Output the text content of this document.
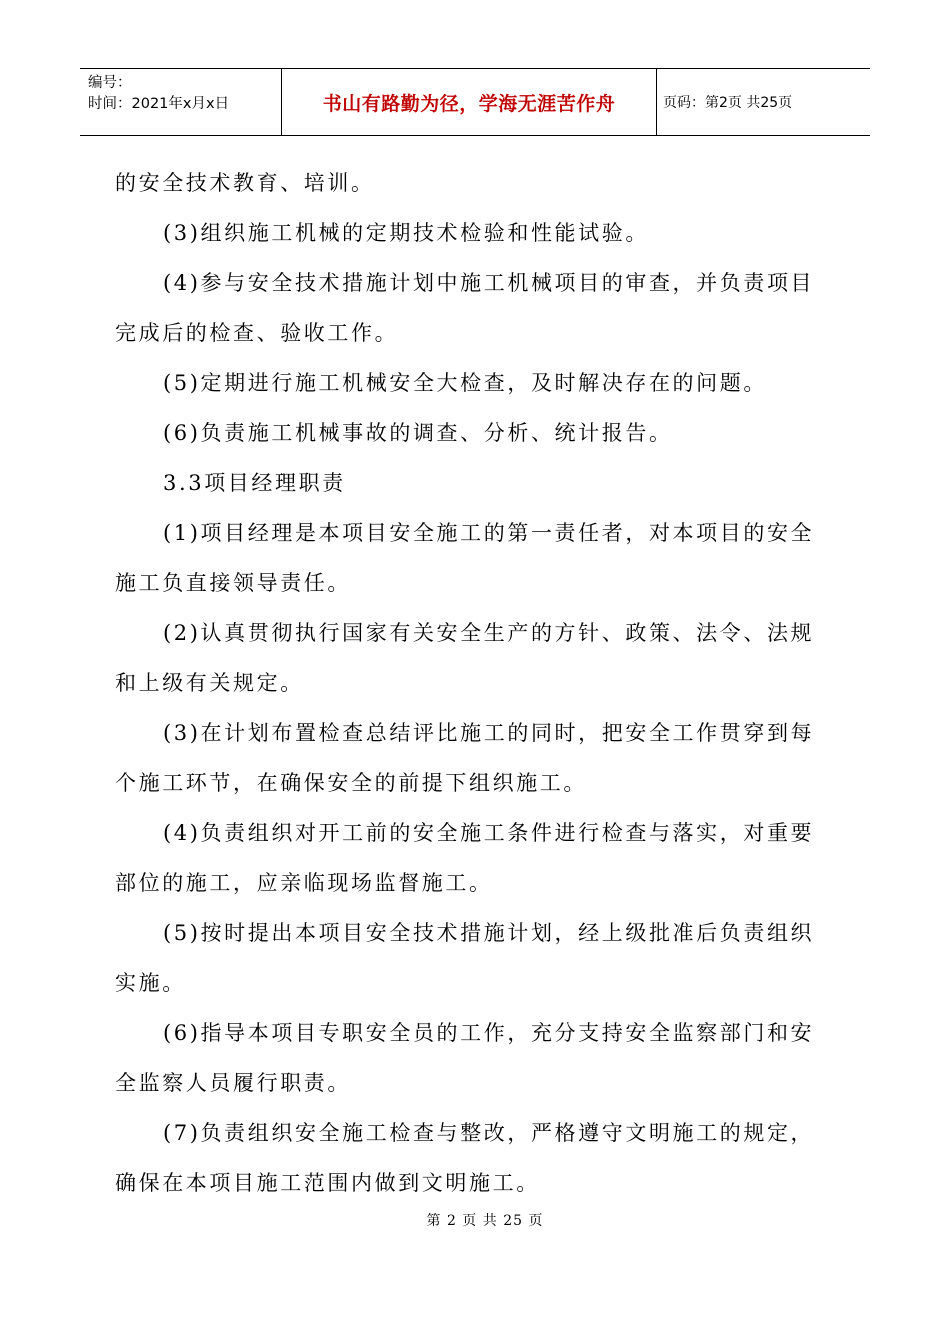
编号：
时间：2021年x月x日	书山有路勤为径，学海无涯苦作舟	页码：第2页 共25页
的安全技术教育、培训。
(3)组织施工机械的定期技术检验和性能试验。
(4)参与安全技术措施计划中施工机械项目的审查，并负责项目
完成后的检查、验收工作。
(5)定期进行施工机械安全大检查，及时解决存在的问题。
(6)负责施工机械事故的调查、分析、统计报告。
3.3项目经理职责
(1)项目经理是本项目安全施工的第一责任者，对本项目的安全
施工负直接领导责任。
(2)认真贯彻执行国家有关安全生产的方针、政策、法令、法规
和上级有关规定。
(3)在计划布置检查总结评比施工的同时，把安全工作贯穿到每
个施工环节，在确保安全的前提下组织施工。
(4)负责组织对开工前的安全施工条件进行检查与落实，对重要
部位的施工，应亲临现场监督施工。
(5)按时提出本项目安全技术措施计划，经上级批准后负责组织
实施。
(6)指导本项目专职安全员的工作，充分支持安全监察部门和安
全监察人员履行职责。
(7)负责组织安全施工检查与整改，严格遵守文明施工的规定，
确保在本项目施工范围内做到文明施工。
第 2 页 共 25 页
